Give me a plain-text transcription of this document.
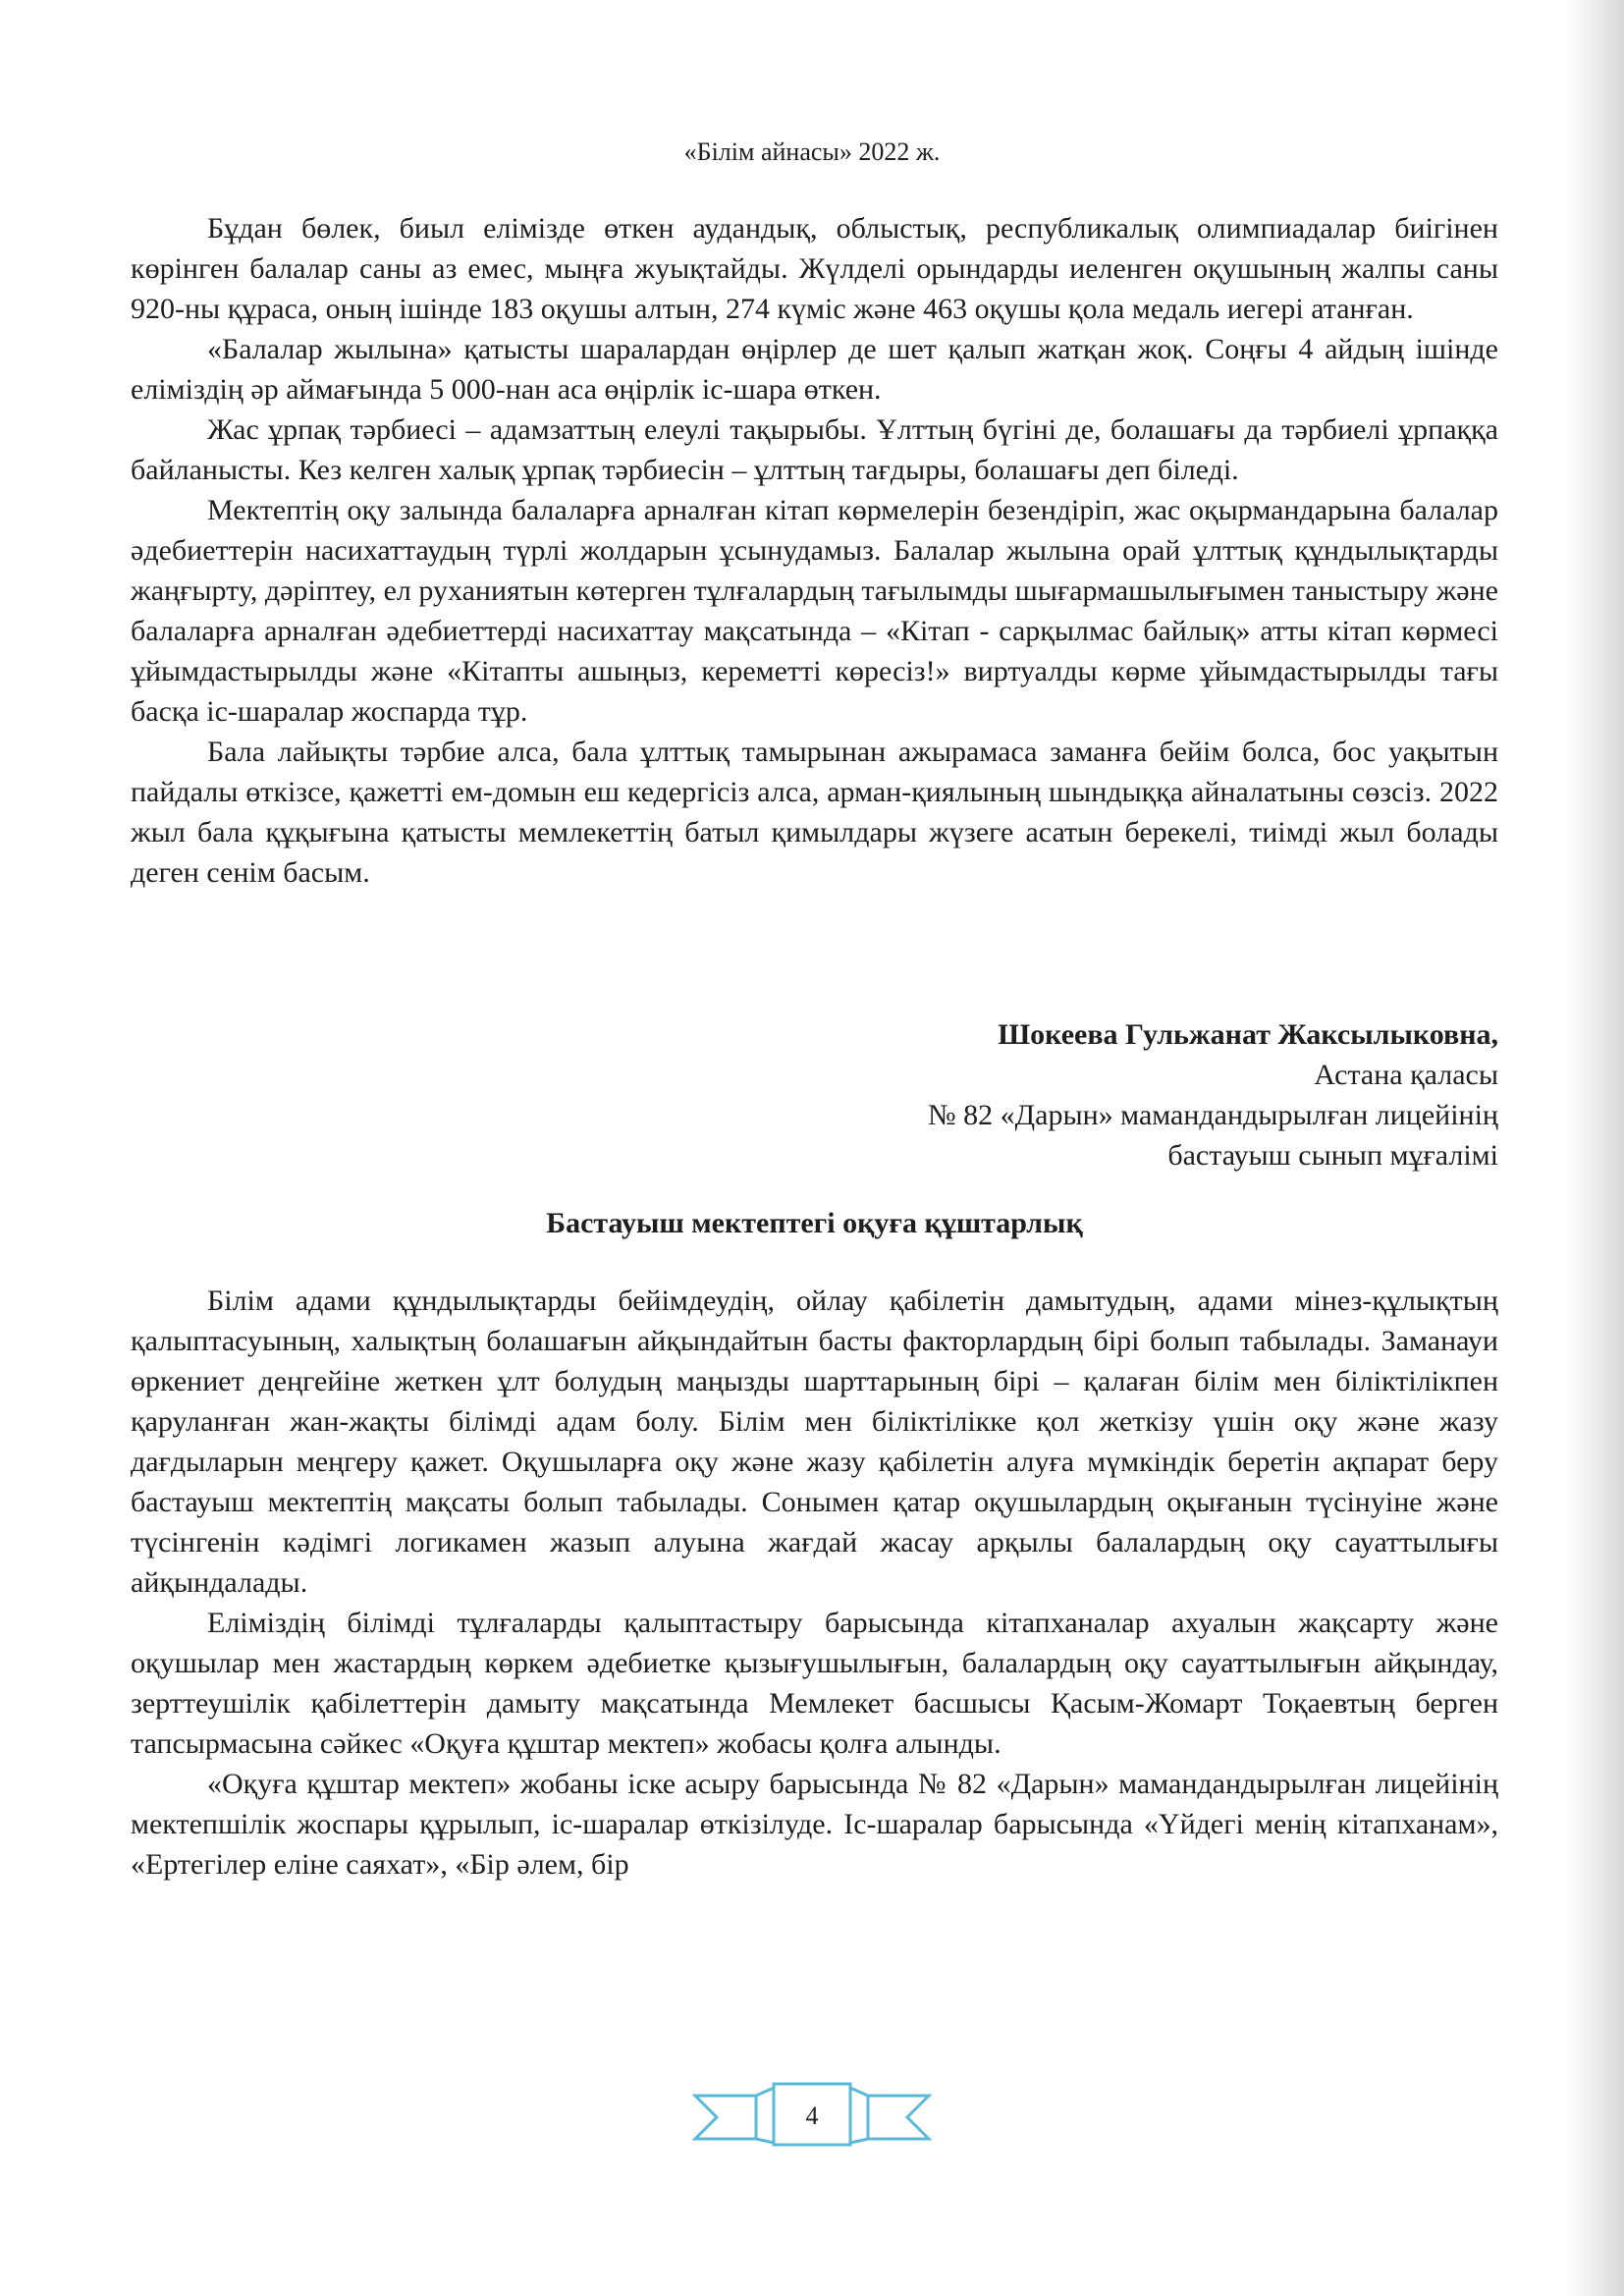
«Білім айнасы» 2022 ж.

Бұдан бөлек, биыл елімізде өткен аудандық, облыстық, республикалық олимпиадалар биігінен көрінген балалар саны аз емес, мыңға жуықтайды. Жүлделі орындарды иеленген оқушының жалпы саны 920-ны құраса, оның ішінде 183 оқушы алтын, 274 күміс және 463 оқушы қола медаль иегері атанған.

«Балалар жылына» қатысты шаралардан өңірлер де шет қалып жатқан жоқ. Соңғы 4 айдың ішінде еліміздің әр аймағында 5 000-нан аса өңірлік іс-шара өткен.

Жас ұрпақ тәрбиесі – адамзаттың елеулі тақырыбы. Ұлттың бүгіні де, болашағы да тәрбиелі ұрпаққа байланысты. Кез келген халық ұрпақ тәрбиесін – ұлттың тағдыры, болашағы деп біледі.

Мектептің оқу залында балаларға арналған кітап көрмелерін безендіріп, жас оқырмандарына балалар әдебиеттерін насихаттаудың түрлі жолдарын ұсынудамыз. Балалар жылына орай ұлттық құндылықтарды жаңғырту, дәріптеу, ел руханиятын көтерген тұлғалардың тағылымды шығармашылығымен таныстыру және балаларға арналған әдебиеттерді насихаттау мақсатында – «Кітап - сарқылмас байлық» атты кітап көрмесі ұйымдастырылды және «Кітапты ашыңыз, кереметті көресіз!» виртуалды көрме ұйымдастырылды тағы басқа іс-шаралар жоспарда тұр.

Бала лайықты тәрбие алса, бала ұлттық тамырынан ажырамаса заманға бейім болса, бос уақытын пайдалы өткізсе, қажетті ем-домын еш кедергісіз алса, арман-қиялының шындыққа айналатыны сөзсіз. 2022 жыл бала құқығына қатысты мемлекеттің батыл қимылдары жүзеге асатын берекелі, тиімді жыл болады деген сенім басым.

Шокеева Гульжанат Жаксылыковна,
Астана қаласы
№ 82 «Дарын» мамандандырылған лицейінің
бастауыш сынып мұғалімі
Бастауыш мектептегі оқуға құштарлық

Білім адами құндылықтарды бейімдеудің, ойлау қабілетін дамытудың, адами мінез-құлықтың қалыптасуының, халықтың болашағын айқындайтын басты факторлардың бірі болып табылады. Заманауи өркениет деңгейіне жеткен ұлт болудың маңызды шарттарының бірі – қалаған білім мен біліктілікпен қаруланған жан-жақты білімді адам болу. Білім мен біліктілікке қол жеткізу үшін оқу және жазу дағдыларын меңгеру қажет. Оқушыларға оқу және жазу қабілетін алуға мүмкіндік беретін ақпарат беру бастауыш мектептің мақсаты болып табылады. Сонымен қатар оқушылардың оқығанын түсінуіне және түсінгенін кәдімгі логикамен жазып алуына жағдай жасау арқылы балалардың оқу сауаттылығы айқындалады.

Еліміздің білімді тұлғаларды қалыптастыру барысында кітапханалар ахуалын жақсарту және оқушылар мен жастардың көркем әдебиетке қызығушылығын, балалардың оқу сауаттылығын айқындау, зерттеушілік қабілеттерін дамыту мақсатында Мемлекет басшысы Қасым-Жомарт Тоқаевтың берген тапсырмасына сәйкес «Оқуға құштар мектеп» жобасы қолға алынды.

«Оқуға құштар мектеп» жобаны іске асыру барысында № 82 «Дарын» мамандандырылған лицейінің мектепшілік жоспары құрылып, іс-шаралар өткізілуде. Іс-шаралар барысында «Үйдегі менің кітапханам», «Ертегілер еліне саяхат», «Бір әлем, бір

4
